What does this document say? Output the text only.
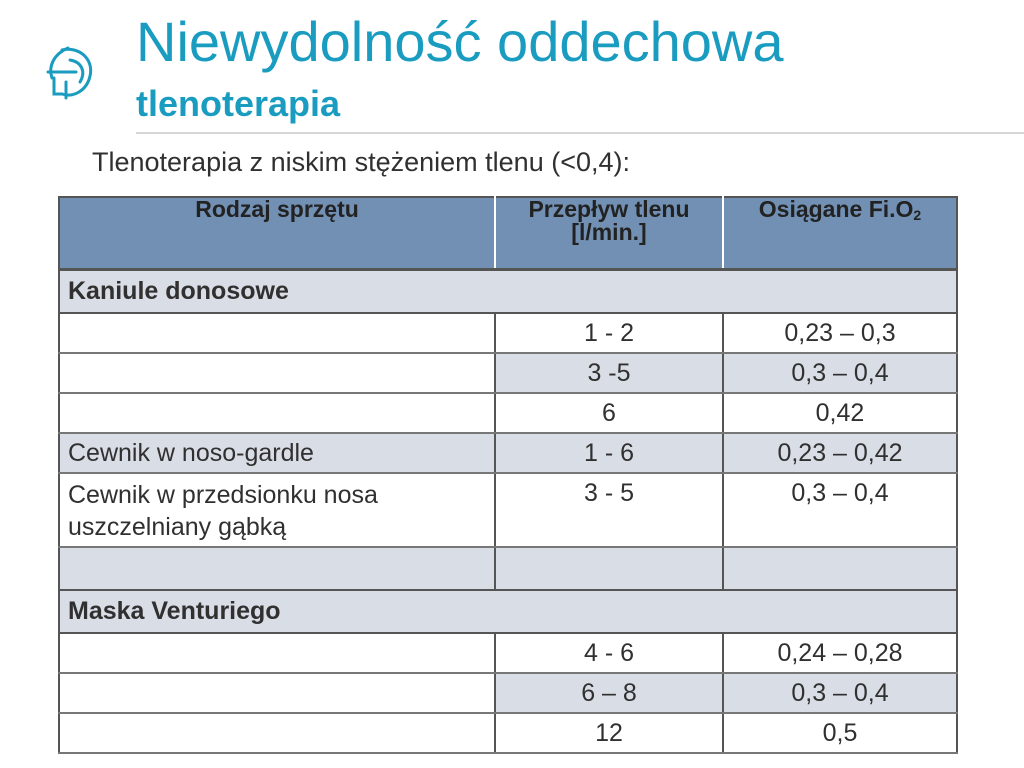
Niewydolność oddechowa
tlenoterapia

Tlenoterapia z niskim stężeniem tlenu (<0,4):

Rodzaj sprzętu	Przepływ tlenu [l/min.]	Osiągane $Fi.O_2$

Kaniule donosowe		

	1 - 2	0,23 – 0,3

	3 -5	0,3 – 0,4

	6	0,42

Cewnik w noso-gardle	1 - 6	0,23 – 0,42

Cewnik w przedsionku nosa uszczelniany gąbką	3 - 5	0,3 – 0,4

Maska Venturiego		

	4 - 6	0,24 – 0,28

	6 – 8	0,3 – 0,4

	12	0,5
